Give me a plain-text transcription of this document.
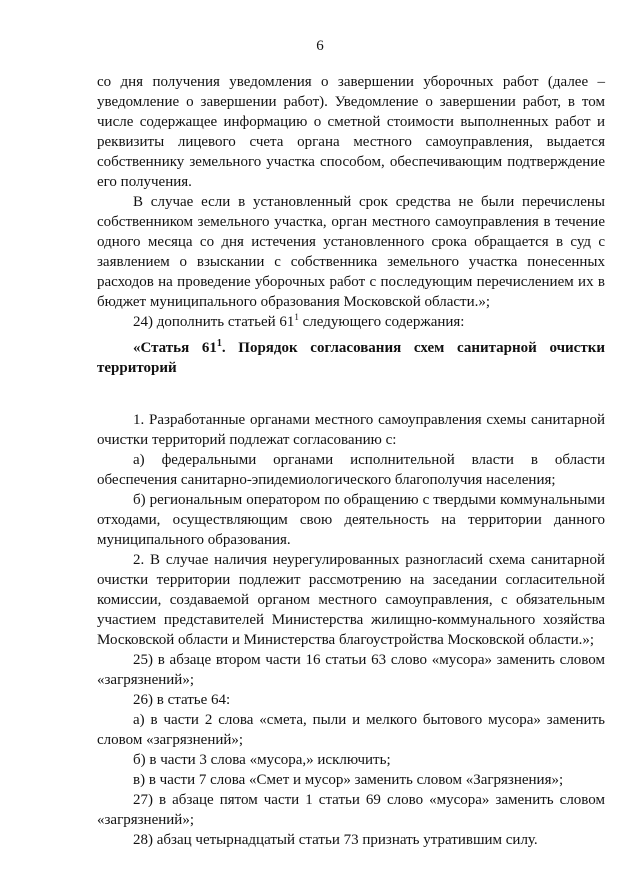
6

со дня получения уведомления о завершении уборочных работ (далее – уведомление о завершении работ). Уведомление о завершении работ, в том числе содержащее информацию о сметной стоимости выполненных работ и реквизиты лицевого счета органа местного самоуправления, выдается собственнику земельного участка способом, обеспечивающим подтверждение его получения.

В случае если в установленный срок средства не были перечислены собственником земельного участка, орган местного самоуправления в течение одного месяца со дня истечения установленного срока обращается в суд с заявлением о взыскании с собственника земельного участка понесенных расходов на проведение уборочных работ с последующим перечислением их в бюджет муниципального образования Московской области.»;

24) дополнить статьей $61^1$ следующего содержания:

«Статья $61^1$. Порядок согласования схем санитарной очистки территорий

1. Разработанные органами местного самоуправления схемы санитарной очистки территорий подлежат согласованию с:

а) федеральными органами исполнительной власти в области обеспечения санитарно-эпидемиологического благополучия населения;

б) региональным оператором по обращению с твердыми коммунальными отходами, осуществляющим свою деятельность на территории данного муниципального образования.

2. В случае наличия неурегулированных разногласий схема санитарной очистки территории подлежит рассмотрению на заседании согласительной комиссии, создаваемой органом местного самоуправления, с обязательным участием представителей Министерства жилищно-коммунального хозяйства Московской области и Министерства благоустройства Московской области.»;

25) в абзаце втором части 16 статьи 63 слово «мусора» заменить словом «загрязнений»;

26) в статье 64:

а) в части 2 слова «смета, пыли и мелкого бытового мусора» заменить словом «загрязнений»;

б) в части 3 слова «мусора,» исключить;

в) в части 7 слова «Смет и мусор» заменить словом «Загрязнения»;

27) в абзаце пятом части 1 статьи 69 слово «мусора» заменить словом «загрязнений»;

28) абзац четырнадцатый статьи 73 признать утратившим силу.
